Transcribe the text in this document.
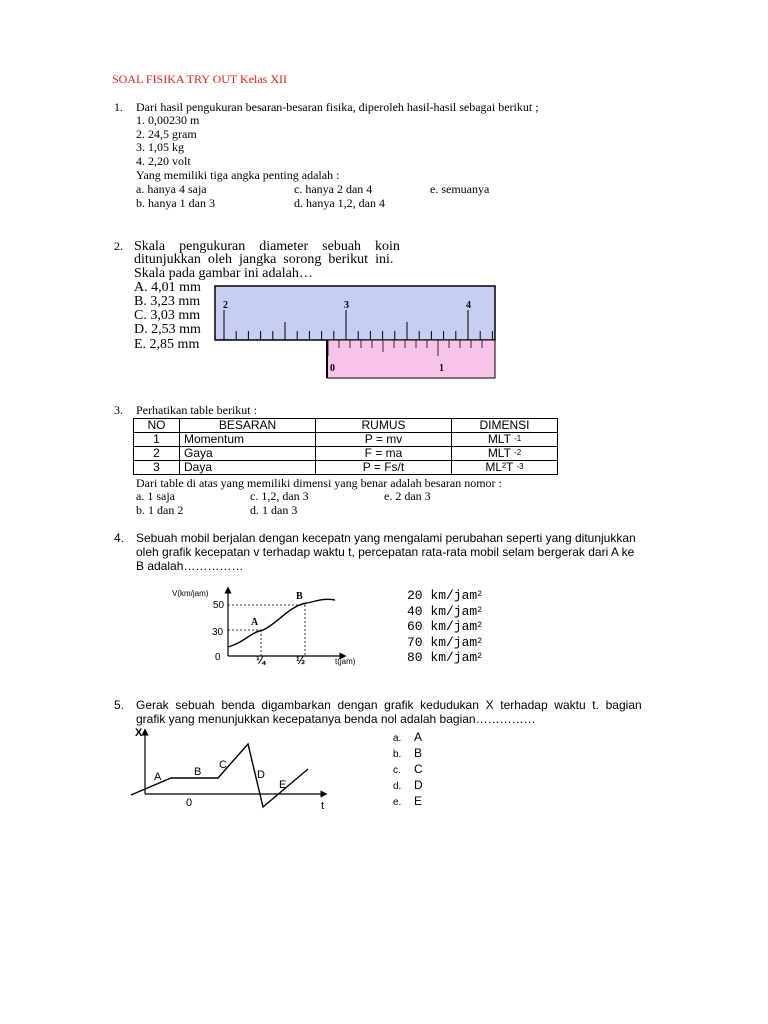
SOAL FISIKA TRY OUT Kelas XII
1. Dari hasil pengukuran besaran-besaran fisika, diperoleh hasil-hasil sebagai berikut ;
1. 0,00230 m
2. 24,5 gram
3. 1,05 kg
4. 2,20 volt
Yang memiliki tiga angka penting adalah :
a. hanya 4 saja	c. hanya 2 dan 4	e. semuanya
b. hanya 1 dan 3	d. hanya 1,2, dan 4
2. Skala    pengukuran    diameter    sebuah    koin
ditunjukkan  oleh  jangka  sorong  berikut  ini.
Skala pada gambar ini adalah…
A. 4,01 mm
B. 3,23 mm
C. 3,03 mm
D. 2,53 mm
E. 2,85 mm
2	3	4
0	1
3. Perhatikan table berikut :
NO	BESARAN	RUMUS	DIMENSI
1	Momentum	P = mv	MLT $^{-1}$
2	Gaya	F = ma	MLT $^{-2}$
3	Daya	P = Fs/t	ML²T $^{-3}$
Dari table di atas yang memiliki dimensi yang benar adalah besaran nomor :
a. 1 saja	c. 1,2, dan 3	e. 2 dan 3
b. 1 dan 2	d. 1 dan 3
4. Sebuah mobil berjalan dengan kecepatn yang mengalami perubahan seperti yang ditunjukkan
oleh grafik kecepatan v terhadap waktu t, percepatan rata-rata mobil selam bergerak dari A ke
B adalah……………
V(km/jam)
50
30
0	¼	½	t(jam)
A
B	20 km/jam$^2$
40 km/jam$^2$
60 km/jam$^2$
70 km/jam$^2$
80 km/jam$^2$
5. Gerak  sebuah  benda  digambarkan  dengan  grafik  kedudukan  X  terhadap  waktu  t.  bagian
grafik yang menunjukkan kecepatanya benda nol adalah bagian……………
X
t
0
A	B
C
D
E
a. A
b. B
c. C
d. D
e. E
